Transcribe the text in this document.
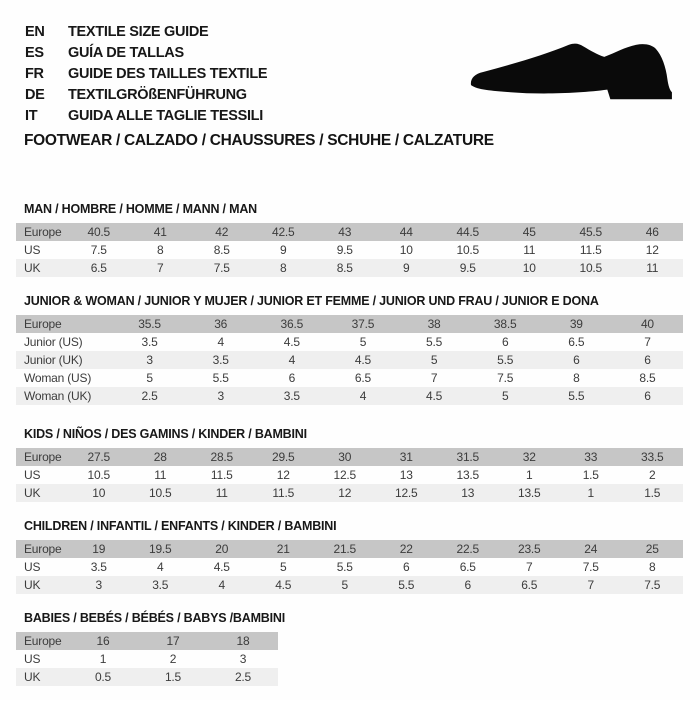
EN	TEXTILE SIZE GUIDE
ES	GUÍA DE TALLAS
FR	GUIDE DES TAILLES TEXTILE
DE	TEXTILGRÖßENFÜHRUNG
IT	GUIDA ALLE TAGLIE TESSILI
FOOTWEAR / CALZADO / CHAUSSURES / SCHUHE / CALZATURE
MAN / HOMBRE / HOMME / MANN / MAN
Europe	40.5	41	42	42.5	43	44	44.5	45	45.5	46
US	7.5	8	8.5	9	9.5	10	10.5	11	11.5	12
UK	6.5	7	7.5	8	8.5	9	9.5	10	10.5	11
JUNIOR & WOMAN / JUNIOR Y MUJER / JUNIOR ET FEMME / JUNIOR UND FRAU / JUNIOR E DONA
Europe	35.5	36	36.5	37.5	38	38.5	39	40
Junior (US)	3.5	4	4.5	5	5.5	6	6.5	7
Junior (UK)	3	3.5	4	4.5	5	5.5	6	6
Woman (US)	5	5.5	6	6.5	7	7.5	8	8.5
Woman (UK)	2.5	3	3.5	4	4.5	5	5.5	6
KIDS / NIÑOS / DES GAMINS / KINDER / BAMBINI
Europe	27.5	28	28.5	29.5	30	31	31.5	32	33	33.5
US	10.5	11	11.5	12	12.5	13	13.5	1	1.5	2
UK	10	10.5	11	11.5	12	12.5	13	13.5	1	1.5
CHILDREN / INFANTIL / ENFANTS / KINDER / BAMBINI
Europe	19	19.5	20	21	21.5	22	22.5	23.5	24	25
US	3.5	4	4.5	5	5.5	6	6.5	7	7.5	8
UK	3	3.5	4	4.5	5	5.5	6	6.5	7	7.5
BABIES / BEBÉS / BÉBÉS / BABYS /BAMBINI
Europe	16	17	18
US	1	2	3
UK	0.5	1.5	2.5
